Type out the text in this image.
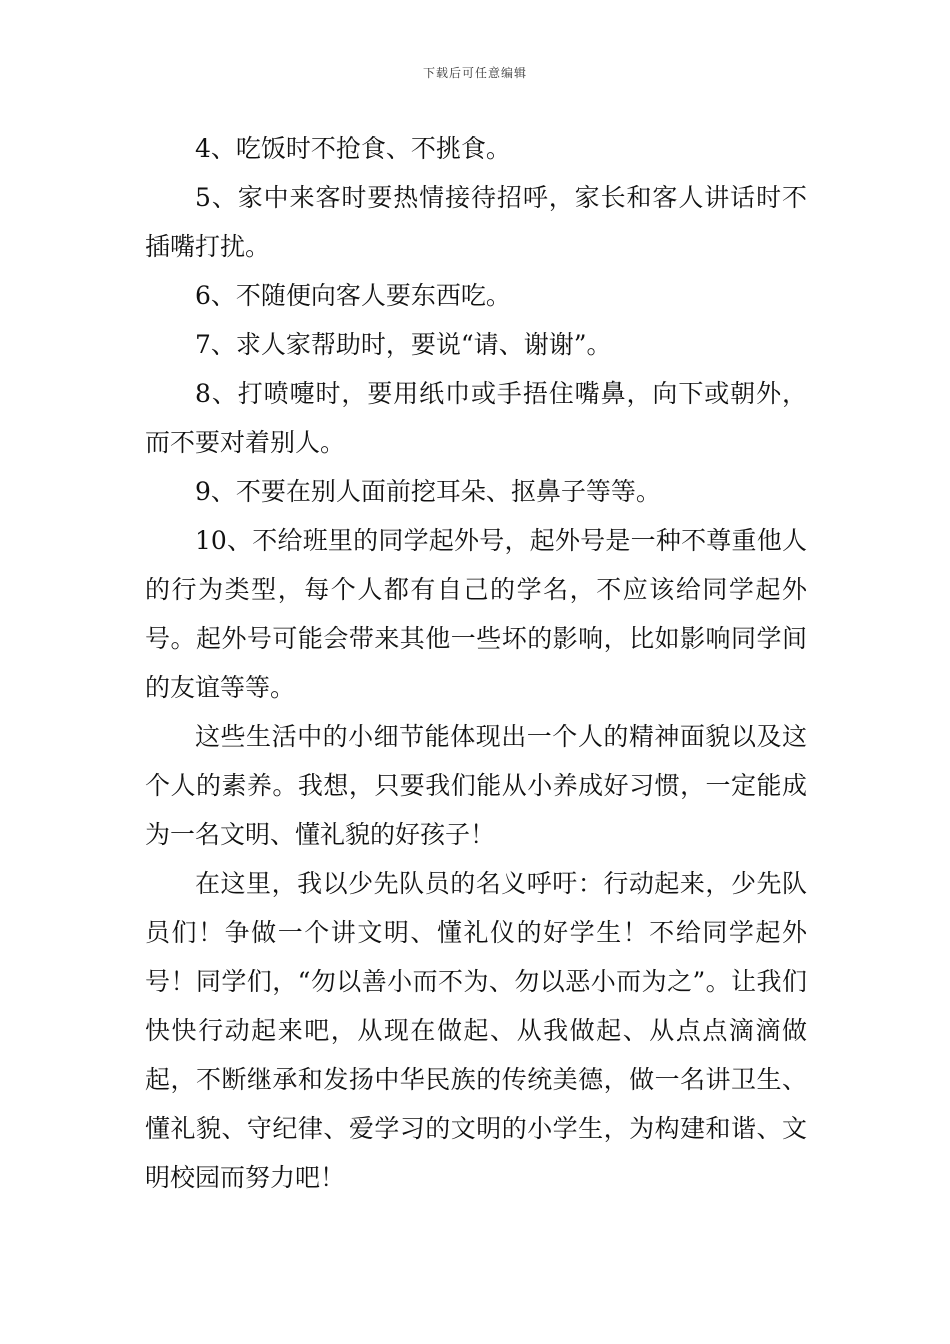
下载后可任意编辑

4、吃饭时不抢食、不挑食。

5、家中来客时要热情接待招呼，家长和客人讲话时不插嘴打扰。

6、不随便向客人要东西吃。

7、求人家帮助时，要说“请、谢谢”。

8、打喷嚏时，要用纸巾或手捂住嘴鼻，向下或朝外，而不要对着别人。

9、不要在别人面前挖耳朵、抠鼻子等等。

10、不给班里的同学起外号，起外号是一种不尊重他人的行为类型，每个人都有自己的学名，不应该给同学起外号。起外号可能会带来其他一些坏的影响，比如影响同学间的友谊等等。

这些生活中的小细节能体现出一个人的精神面貌以及这个人的素养。我想，只要我们能从小养成好习惯，一定能成为一名文明、懂礼貌的好孩子！

在这里，我以少先队员的名义呼吁：行动起来，少先队员们！争做一个讲文明、懂礼仪的好学生！不给同学起外号！同学们，“勿以善小而不为、勿以恶小而为之”。让我们快快行动起来吧，从现在做起、从我做起、从点点滴滴做起，不断继承和发扬中华民族的传统美德，做一名讲卫生、懂礼貌、守纪律、爱学习的文明的小学生，为构建和谐、文明校园而努力吧！
